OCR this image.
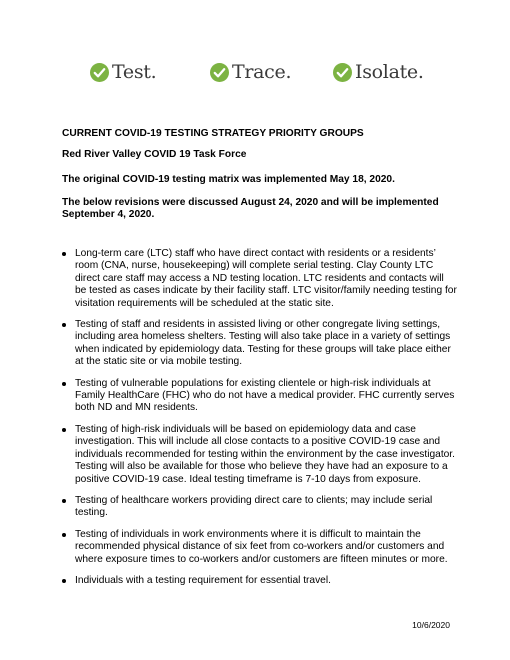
Test.	Trace.	Isolate.

CURRENT COVID-19 TESTING STRATEGY PRIORITY GROUPS

Red River Valley COVID 19 Task Force

The original COVID-19 testing matrix was implemented May 18, 2020.

The below revisions were discussed August 24, 2020 and will be implemented September 4, 2020.

Long-term care (LTC) staff who have direct contact with residents or a residents’ room (CNA, nurse, housekeeping) will complete serial testing. Clay County LTC direct care staff may access a ND testing location. LTC residents and contacts will be tested as cases indicate by their facility staff. LTC visitor/family needing testing for visitation requirements will be scheduled at the static site.
Testing of staff and residents in assisted living or other congregate living settings, including area homeless shelters. Testing will also take place in a variety of settings when indicated by epidemiology data. Testing for these groups will take place either at the static site or via mobile testing.
Testing of vulnerable populations for existing clientele or high-risk individuals at Family HealthCare (FHC) who do not have a medical provider. FHC currently serves both ND and MN residents.
Testing of high-risk individuals will be based on epidemiology data and case investigation. This will include all close contacts to a positive COVID-19 case and individuals recommended for testing within the environment by the case investigator. Testing will also be available for those who believe they have had an exposure to a positive COVID-19 case. Ideal testing timeframe is 7-10 days from exposure.
Testing of healthcare workers providing direct care to clients; may include serial testing.
Testing of individuals in work environments where it is difficult to maintain the recommended physical distance of six feet from co-workers and/or customers and where exposure times to co-workers and/or customers are fifteen minutes or more.
Individuals with a testing requirement for essential travel.
10/6/2020
